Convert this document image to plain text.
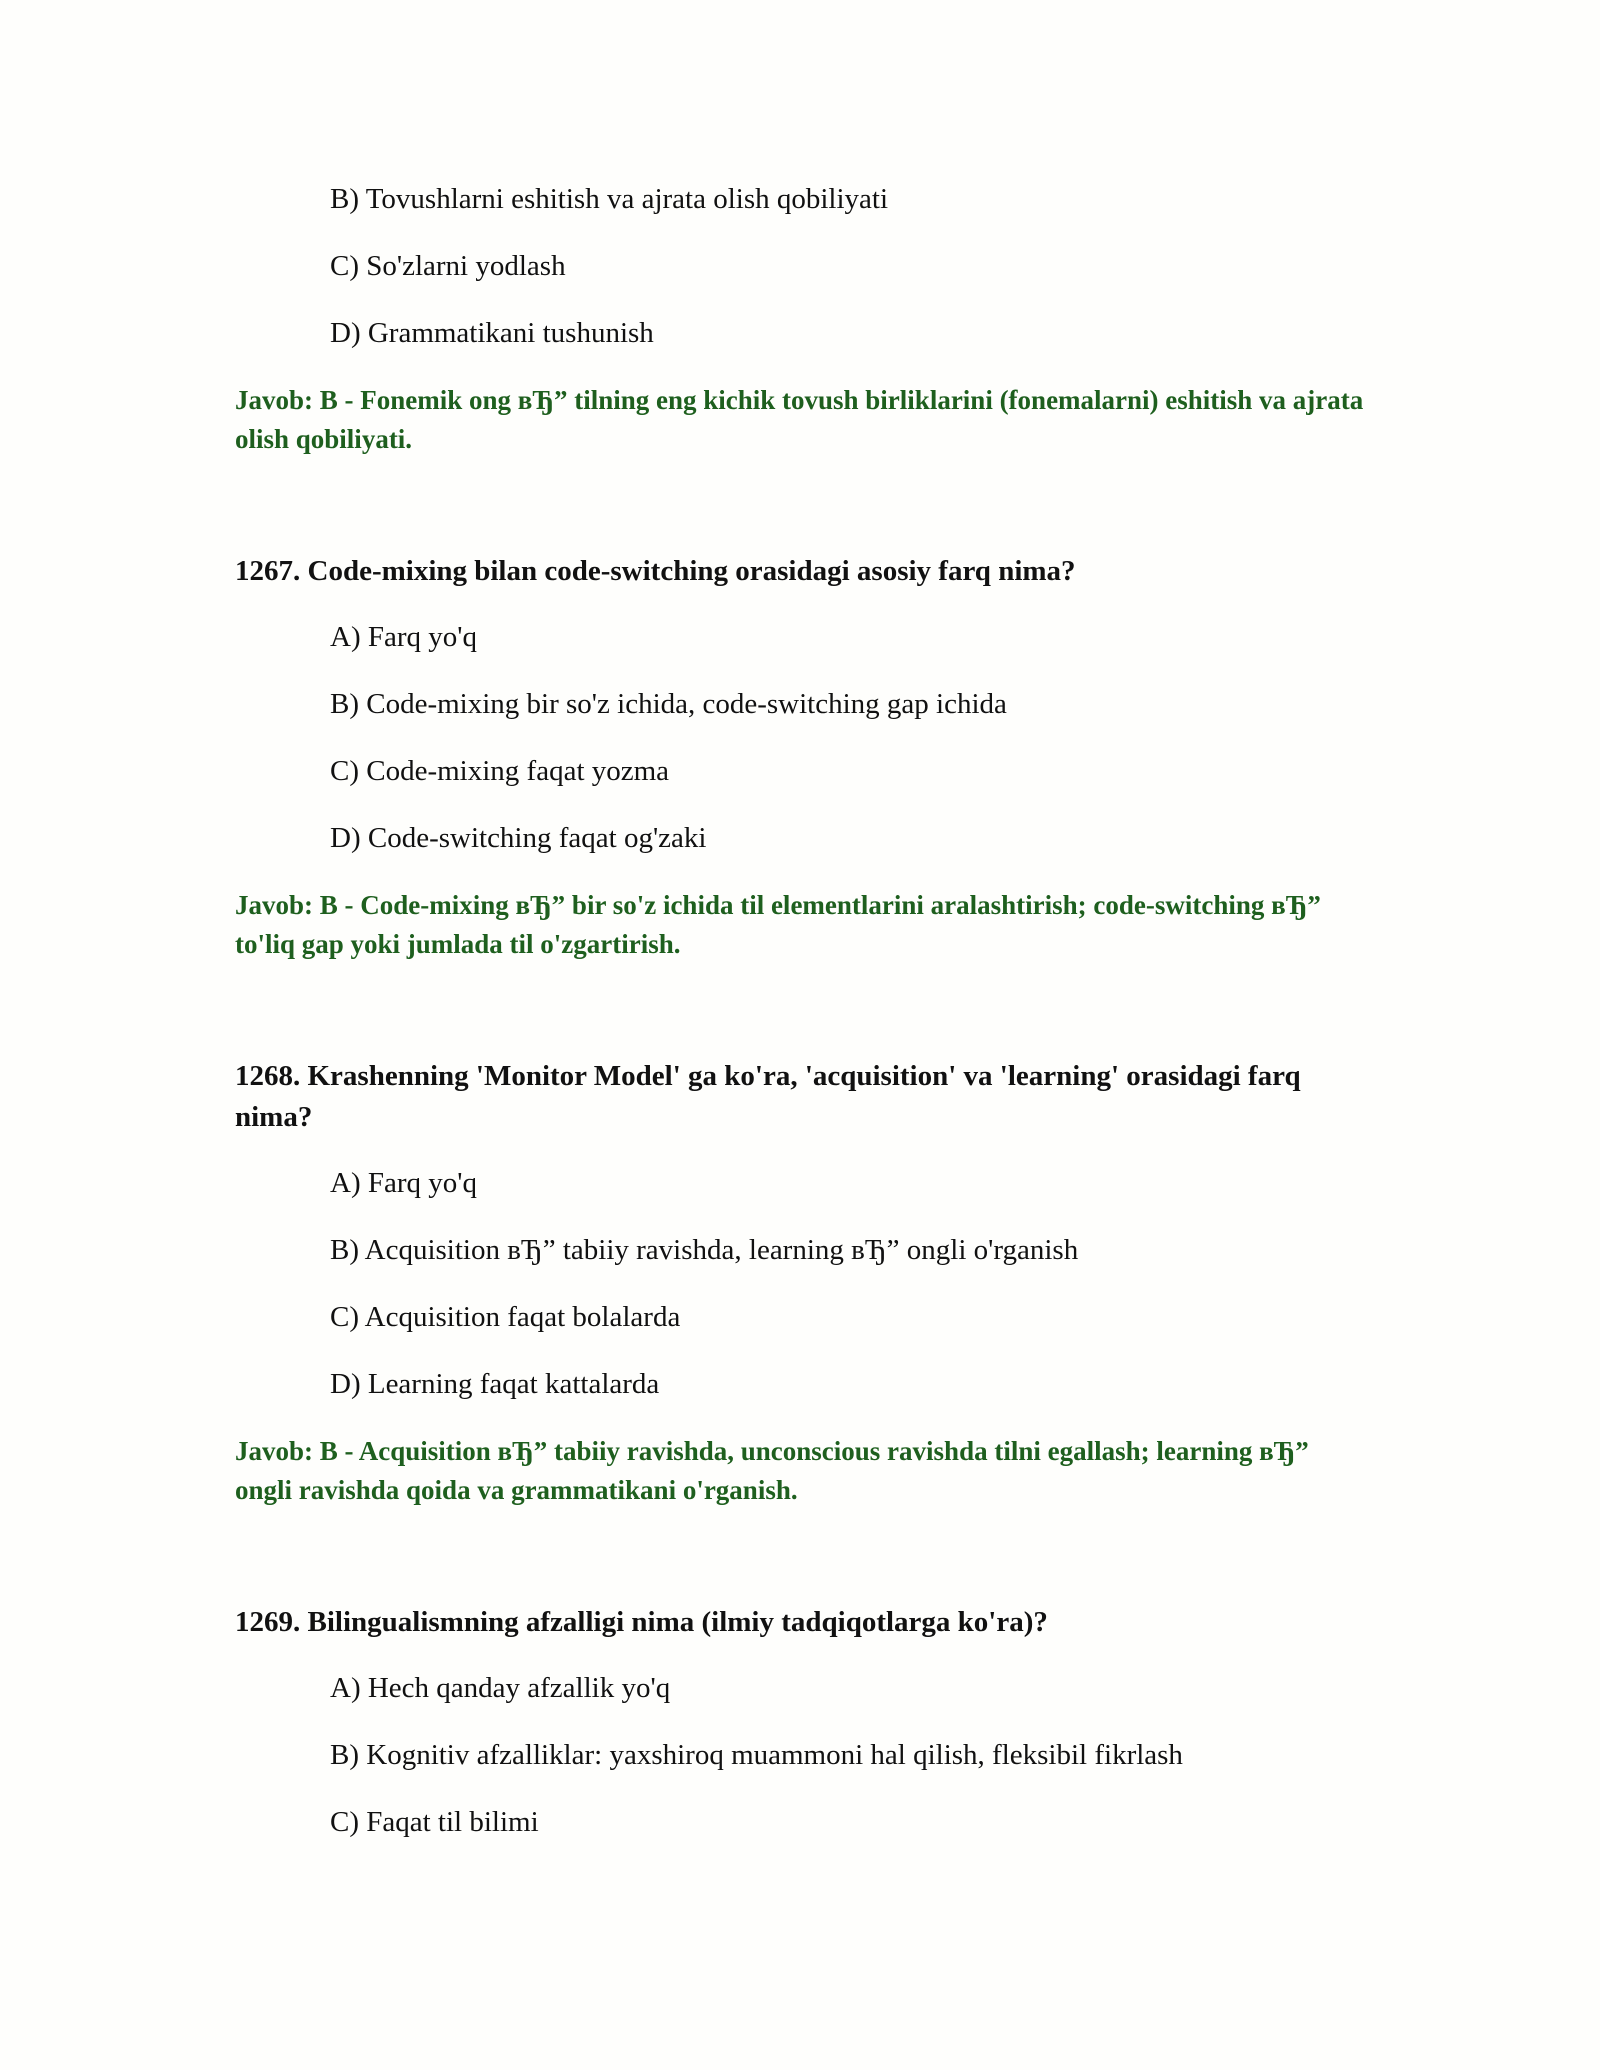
B) Tovushlarni eshitish va ajrata olish qobiliyati
C) So'zlarni yodlash
D) Grammatikani tushunish
Javob: B - Fonemik ong вЂ” tilning eng kichik tovush birliklarini (fonemalarni) eshitish va ajrata olish qobiliyati.
1267. Code-mixing bilan code-switching orasidagi asosiy farq nima?
A) Farq yo'q
B) Code-mixing bir so'z ichida, code-switching gap ichida
C) Code-mixing faqat yozma
D) Code-switching faqat og'zaki
Javob: B - Code-mixing вЂ” bir so'z ichida til elementlarini aralashtirish; code-switching вЂ” to'liq gap yoki jumlada til o'zgartirish.
1268. Krashenning 'Monitor Model' ga ko'ra, 'acquisition' va 'learning' orasidagi farq nima?
A) Farq yo'q
B) Acquisition вЂ” tabiiy ravishda, learning вЂ” ongli o'rganish
C) Acquisition faqat bolalarda
D) Learning faqat kattalarda
Javob: B - Acquisition вЂ” tabiiy ravishda, unconscious ravishda tilni egallash; learning вЂ” ongli ravishda qoida va grammatikani o'rganish.
1269. Bilingualismning afzalligi nima (ilmiy tadqiqotlarga ko'ra)?
A) Hech qanday afzallik yo'q
B) Kognitiv afzalliklar: yaxshiroq muammoni hal qilish, fleksibil fikrlash
C) Faqat til bilimi
